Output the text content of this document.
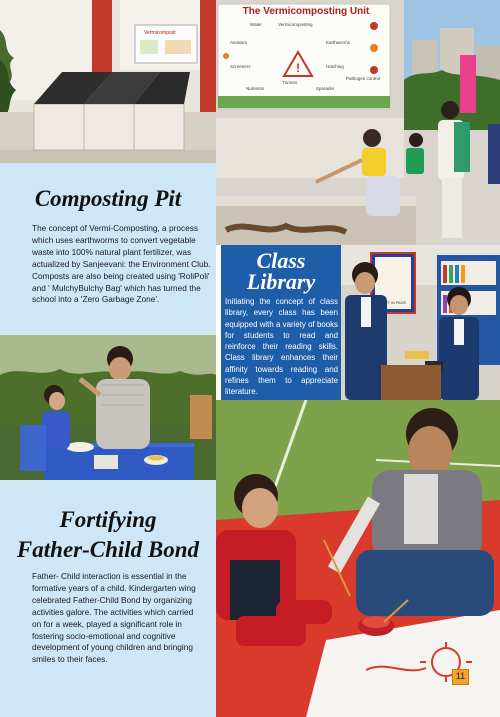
Vermicompost
!
The Vermicomposting Unit
Water	Vermicomposting
Aerators	Earthworms
Screeners
Turners
Hatching
Nutrients	Spreader
Pathogen control
Composting Pit
The concept of Vermi-Composting, a process which uses earthworms to convert vegetable waste into 100% natural plant fertilizer, was actualized by Sanjeevani: the Environment Club. Composts are also being created using 'RoliPoli' and ' MulchyBulchy Bag' which has turned the school into a 'Zero Garbage Zone'.
Class
Library
Initiating the concept of class library, every class has been equipped with a variety of books for students to read and reinforce their reading skills. Class library enhances their affinity towards reading and refines them to appreciate literature.
KEPT IN PAGE
Fortifying
Father-Child Bond
Father- Child interaction is essential in the formative years of a child. Kindergarten wing celebrated Father-Child Bond by organizing activities galore. The activities which carried on for a week, played a significant role in fostering socio-emotional and cognitive development of young children and bringing smiles to their faces.
11
